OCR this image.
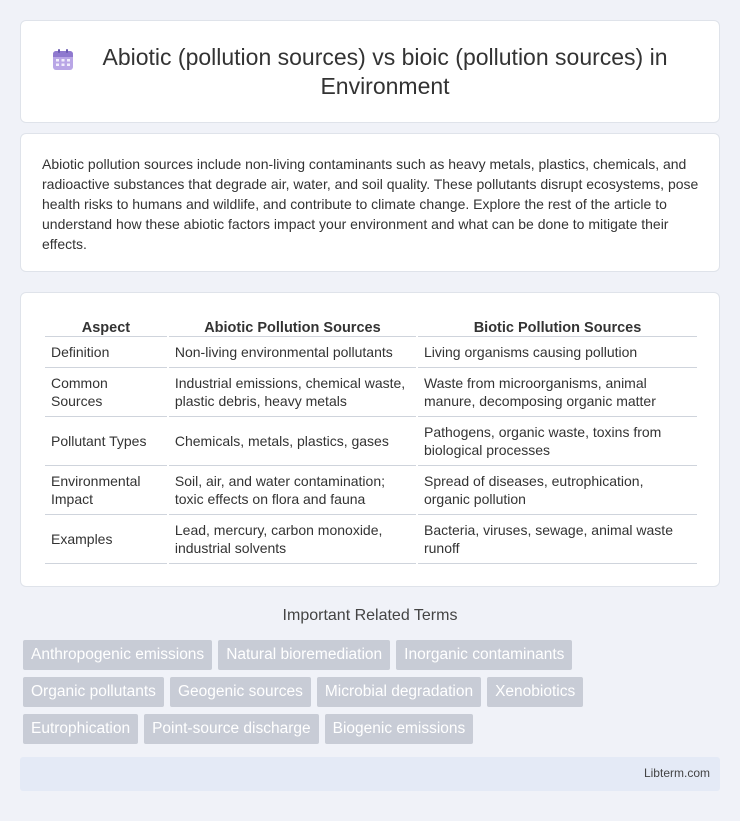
Abiotic (pollution sources) vs bioic (pollution sources) in Environment

Abiotic pollution sources include non-living contaminants such as heavy metals, plastics, chemicals, and radioactive substances that degrade air, water, and soil quality. These pollutants disrupt ecosystems, pose health risks to humans and wildlife, and contribute to climate change. Explore the rest of the article to understand how these abiotic factors impact your environment and what can be done to mitigate their effects.

Aspect	Abiotic Pollution Sources	Biotic Pollution Sources
Definition	Non-living environmental pollutants	Living organisms causing pollution
Common Sources	Industrial emissions, chemical waste, plastic debris, heavy metals	Waste from microorganisms, animal manure, decomposing organic matter
Pollutant Types	Chemicals, metals, plastics, gases	Pathogens, organic waste, toxins from biological processes
Environmental Impact	Soil, air, and water contamination; toxic effects on flora and fauna	Spread of diseases, eutrophication, organic pollution
Examples	Lead, mercury, carbon monoxide, industrial solvents	Bacteria, viruses, sewage, animal waste runoff
Important Related Terms
Anthropogenic emissions	Natural bioremediation	Inorganic contaminants
Organic pollutants	Geogenic sources	Microbial degradation	Xenobiotics
Eutrophication	Point-source discharge	Biogenic emissions
Libterm.com
